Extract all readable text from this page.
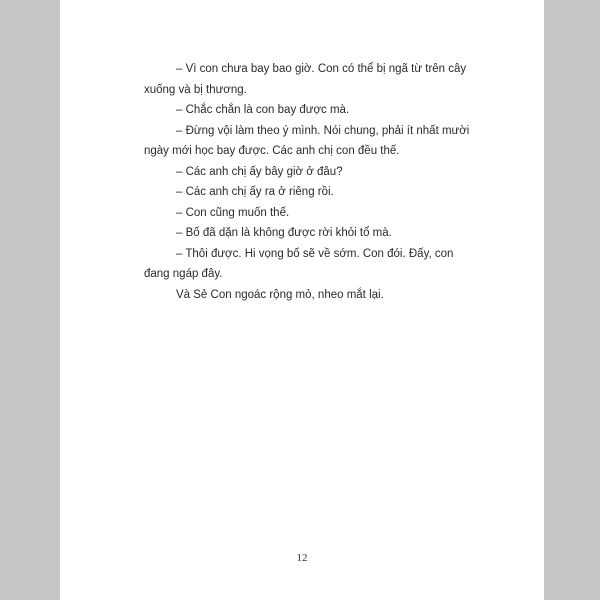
– Vì con chưa bay bao giờ. Con có thể bị ngã từ trên cây xuống và bị thương.

– Chắc chắn là con bay được mà.

– Đừng vội làm theo ý mình. Nói chung, phải ít nhất mười ngày mới học bay được. Các anh chị con đều thế.

– Các anh chị ấy bây giờ ở đâu?

– Các anh chị ấy ra ở riêng rồi.

– Con cũng muốn thế.

– Bố đã dặn là không được rời khỏi tổ mà.

– Thôi được. Hi vọng bố sẽ về sớm. Con đói. Đấy, con đang ngáp đây.

Và Sẻ Con ngoác rộng mỏ, nheo mắt lại.

12
